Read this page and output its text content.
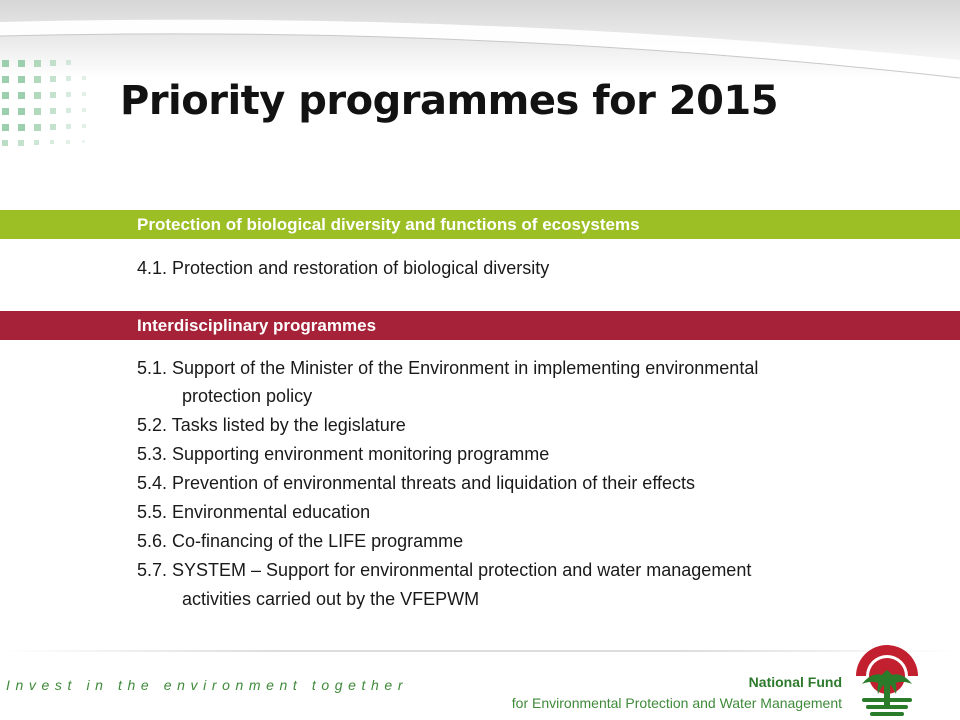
Priority programmes for 2015
Protection of biological diversity and functions of ecosystems
4.1. Protection and restoration of biological diversity
Interdisciplinary programmes
5.1. Support of the Minister of the Environment in implementing environmental
protection policy
5.2. Tasks listed by the legislature
5.3. Supporting environment monitoring programme
5.4. Prevention of environmental threats and liquidation of their effects
5.5. Environmental education
5.6. Co-financing of the LIFE programme
5.7. SYSTEM – Support for environmental protection and water management
activities carried out by the VFEPWM
Invest in the environment together	National Fund
for Environmental Protection and Water Management
